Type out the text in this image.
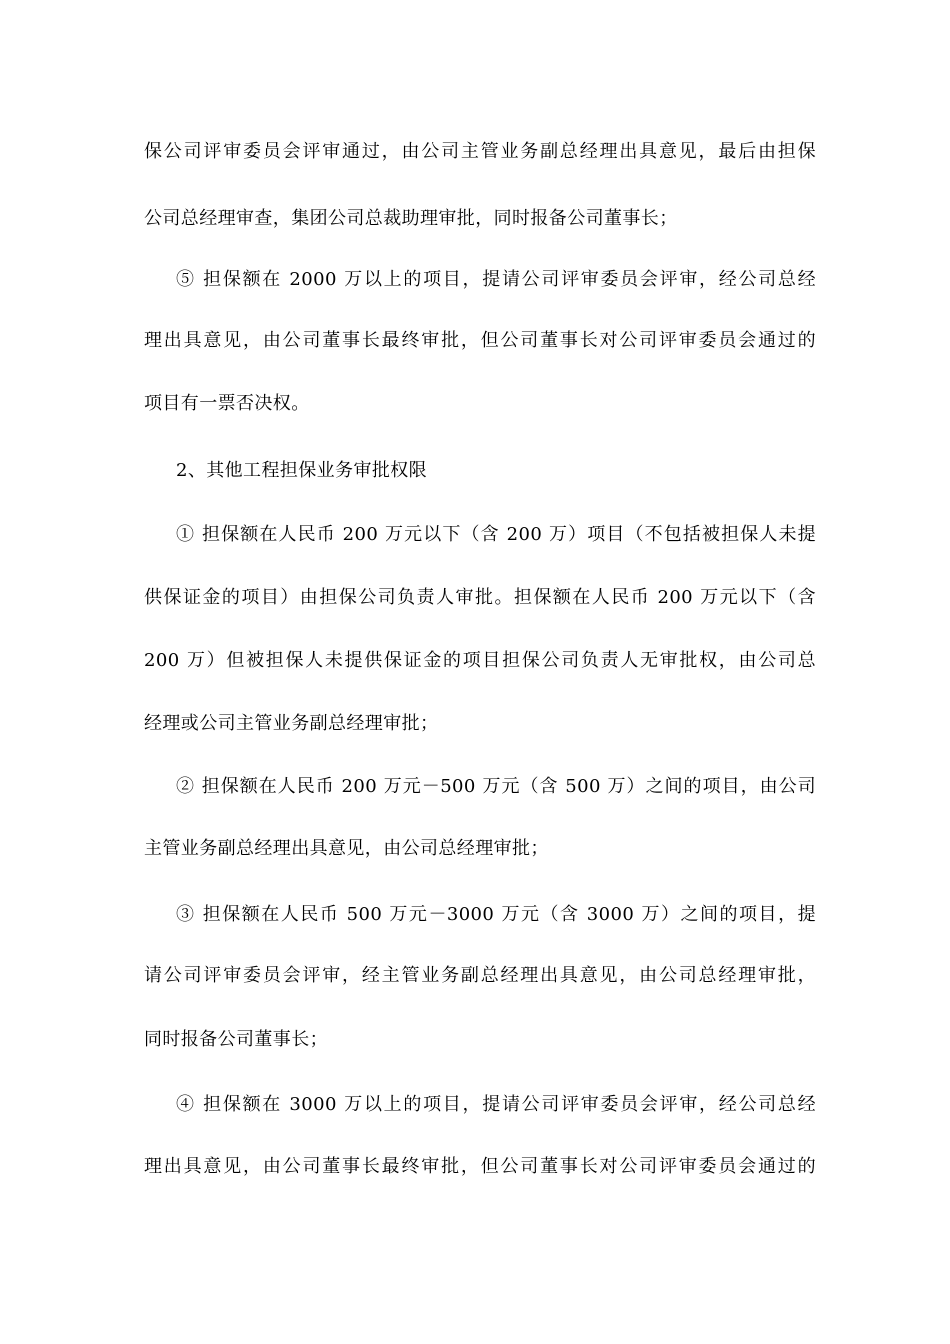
保公司评审委员会评审通过，由公司主管业务副总经理出具意见，最后由担保
公司总经理审查，集团公司总裁助理审批，同时报备公司董事长；
⑤ 担保额在 2000 万以上的项目，提请公司评审委员会评审，经公司总经
理出具意见，由公司董事长最终审批，但公司董事长对公司评审委员会通过的
项目有一票否决权。
2、其他工程担保业务审批权限
① 担保额在人民币 200 万元以下（含 200 万）项目（不包括被担保人未提
供保证金的项目）由担保公司负责人审批。担保额在人民币 200 万元以下（含
200 万）但被担保人未提供保证金的项目担保公司负责人无审批权，由公司总
经理或公司主管业务副总经理审批；
② 担保额在人民币 200 万元－500 万元（含 500 万）之间的项目，由公司
主管业务副总经理出具意见，由公司总经理审批；
③ 担保额在人民币 500 万元－3000 万元（含 3000 万）之间的项目，提
请公司评审委员会评审，经主管业务副总经理出具意见，由公司总经理审批，
同时报备公司董事长；
④ 担保额在 3000 万以上的项目，提请公司评审委员会评审，经公司总经
理出具意见，由公司董事长最终审批，但公司董事长对公司评审委员会通过的
